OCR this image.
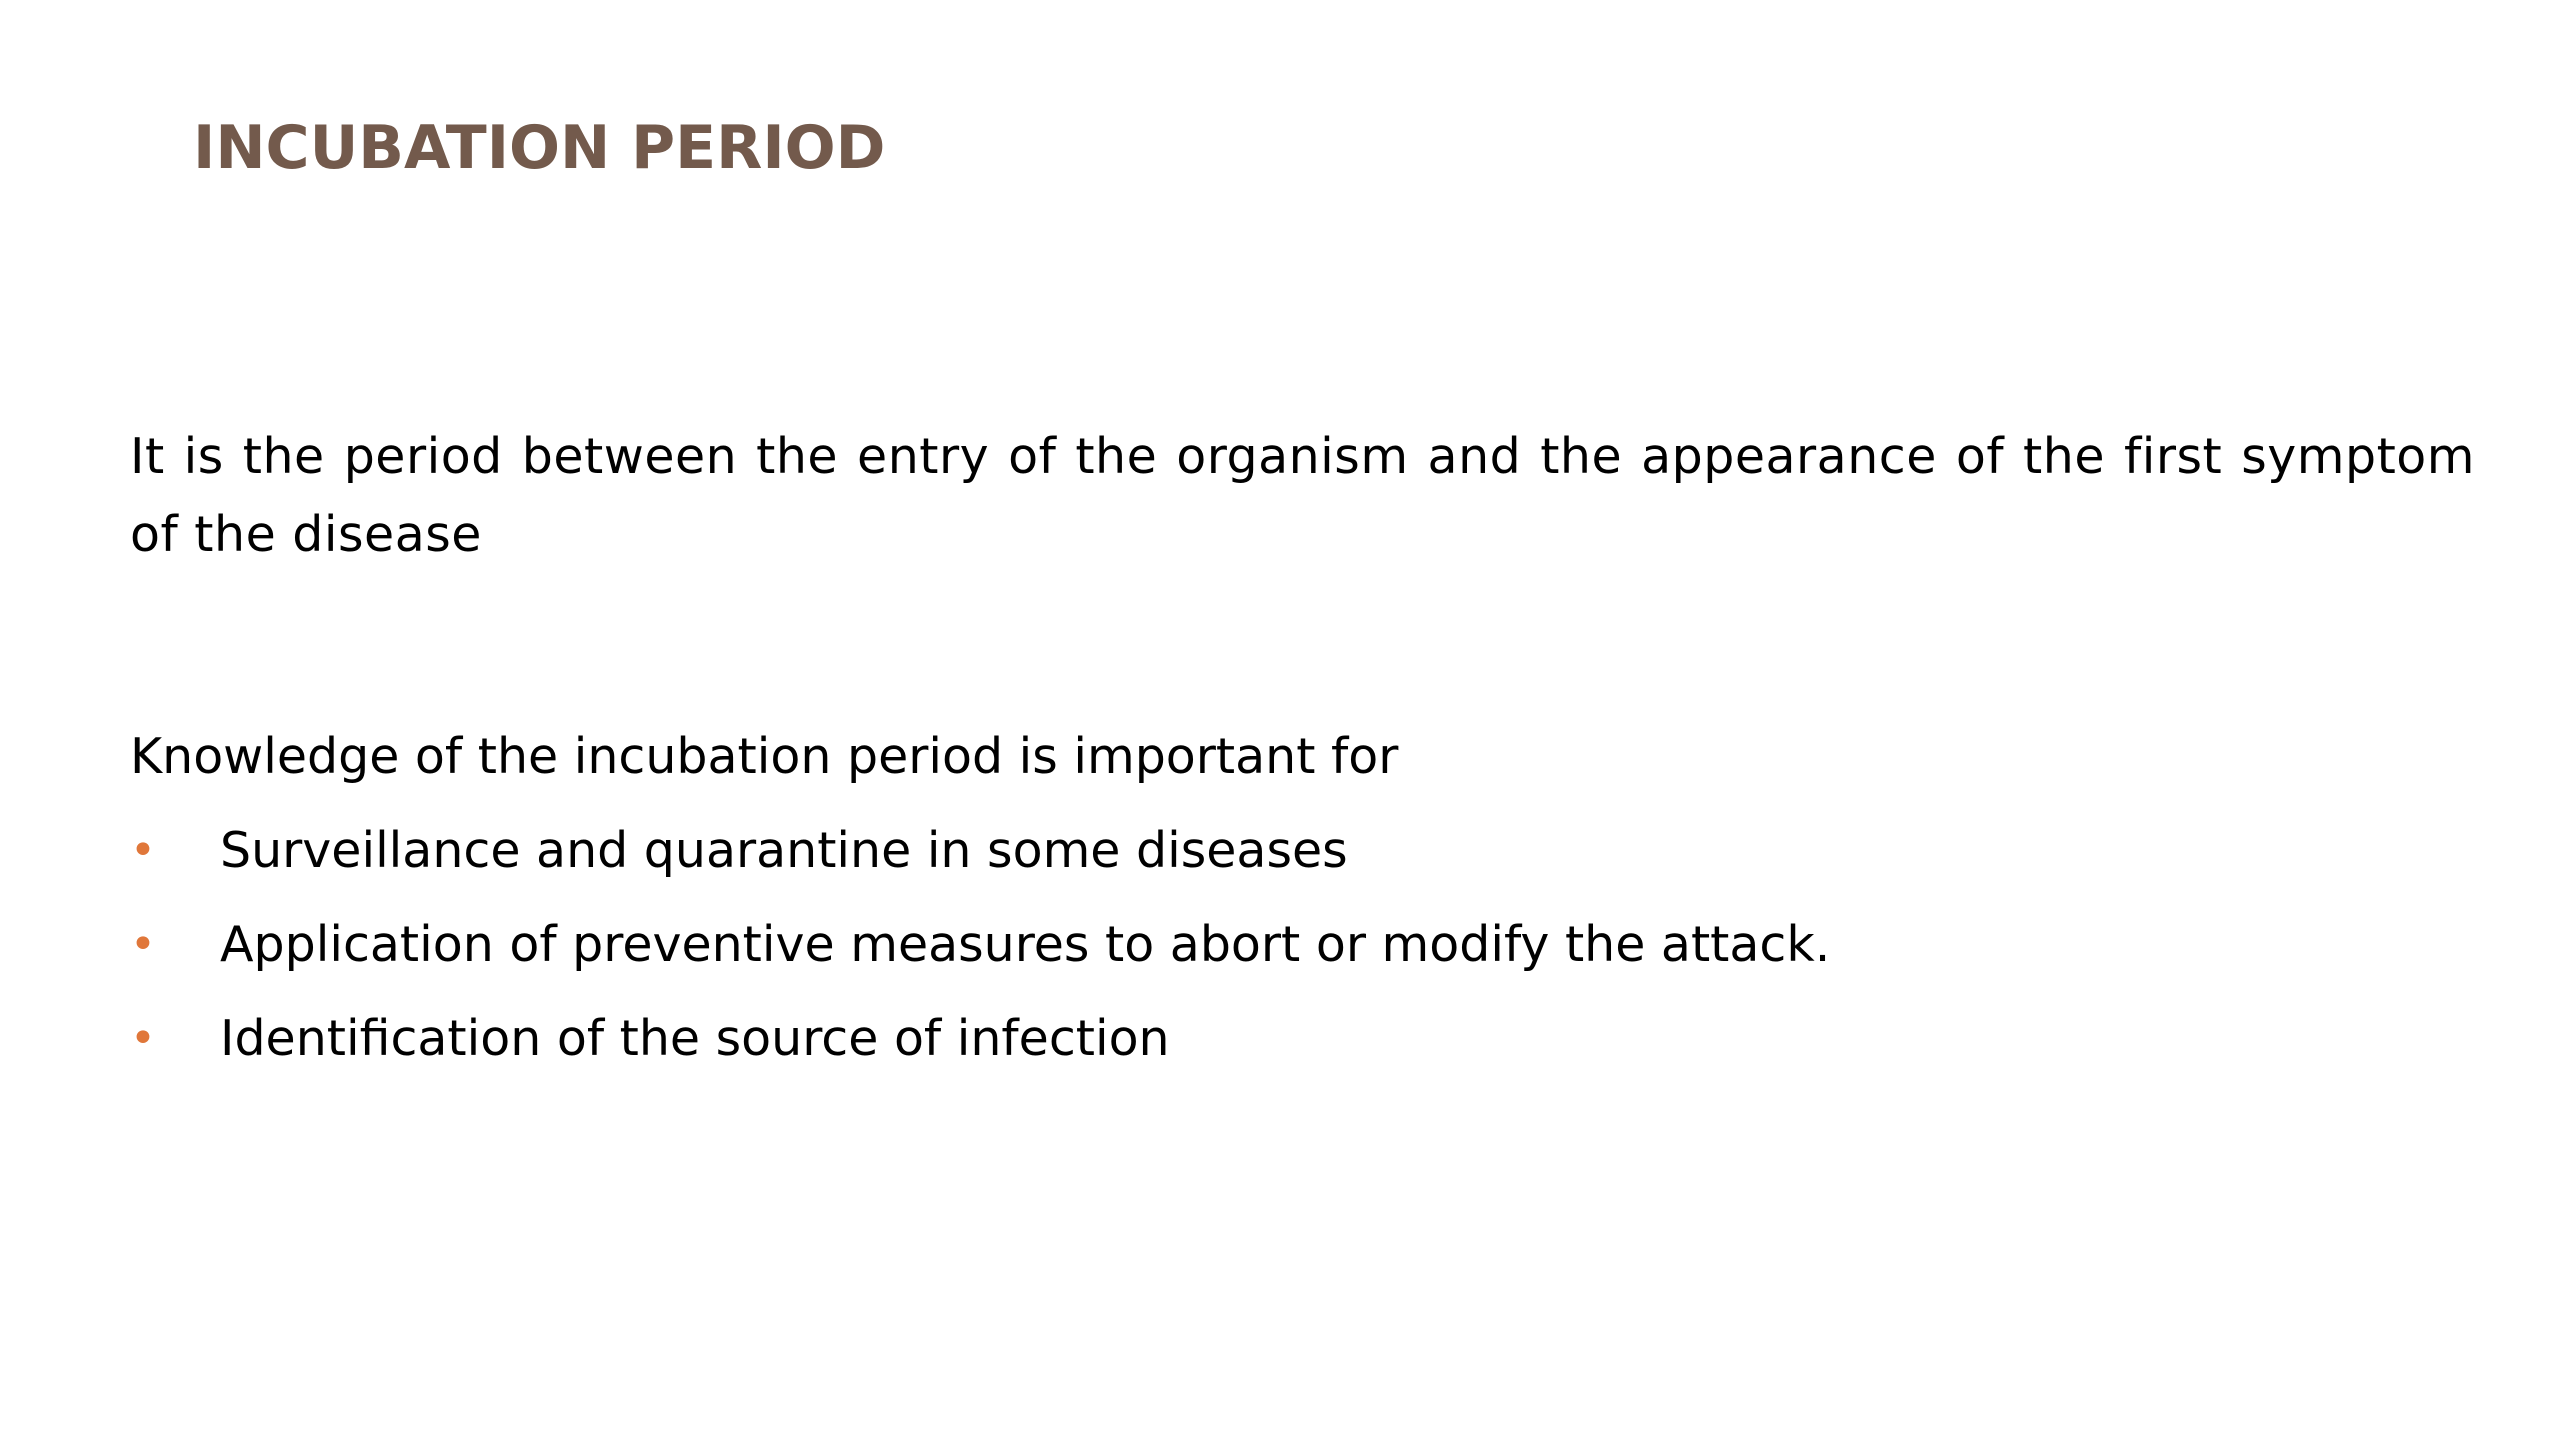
INCUBATION PERIOD

It is the period between the entry of the organism and the appearance of the first symptom of the disease

Knowledge of the incubation period is important for

• Surveillance and quarantine in some diseases
• Application of preventive measures to abort or modify the attack.
• Identification of the source of infection
